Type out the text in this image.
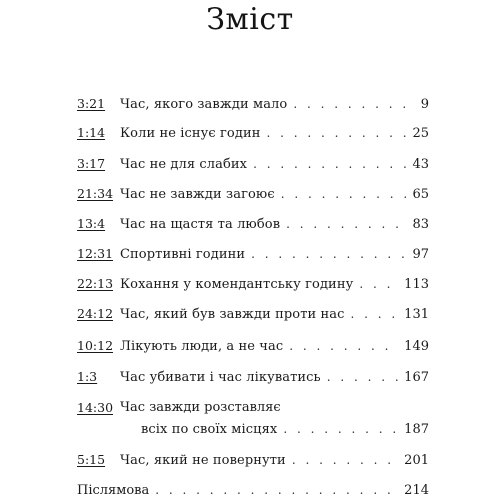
Зміст
3:21 Час, якого завжди мало . . .	9
1:14 Коли не існує годин . . .	25
3:17 Час не для слабих . . .	43
21:34 Час не завжди загоює . . .	65
13:4 Час на щастя та любов . . .	83
12:31 Спортивні години . . .	97
22:13 Кохання у комендантську годину . . .	113
24:12 Час, який був завжди проти нас . . .	131
10:12 Лікують люди, а не час . . .	149
1:3 Час убивати і час лікуватись . . .	167
14:30 Час завжди розставляє
всіх по своїх місцях . . .	187
5:15 Час, який не повернути . . .	201
Післямова . . .	214
